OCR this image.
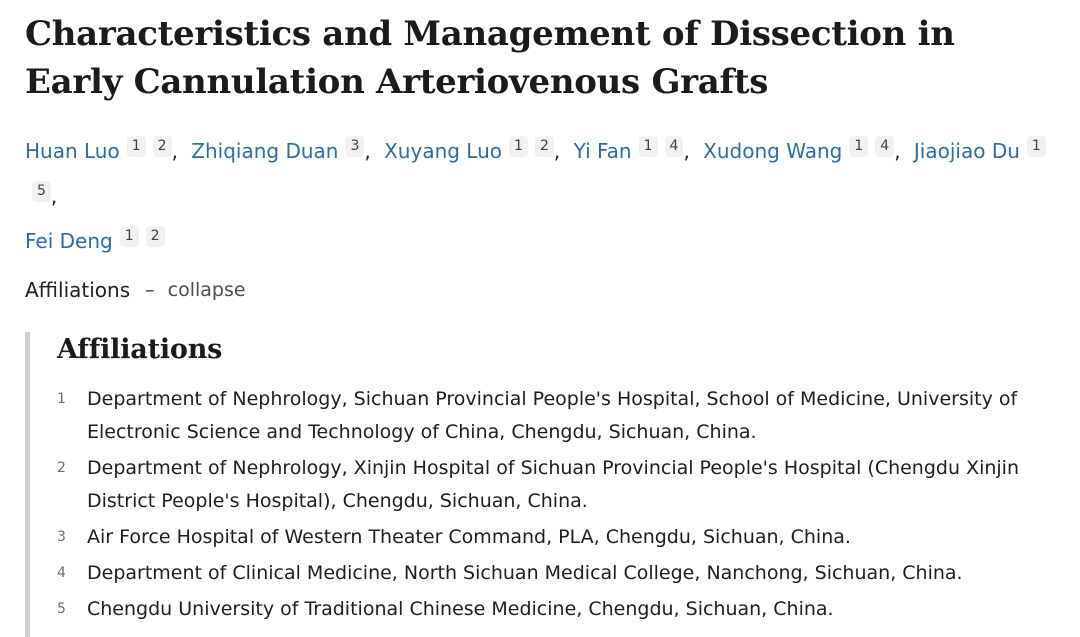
Characteristics and Management of Dissection in
Early Cannulation Arteriovenous Grafts
Huan Luo $^1$ $^2$ , Zhiqiang Duan $^3$ , Xuyang Luo $^1$ $^2$ , Yi Fan $^1$ $^4$ , Xudong Wang $^1$ $^4$ , Jiaojiao Du $^{15}$ ,
Fei Deng $^1$ $^2$
Affiliations – collapse
Affiliations
1	Department of Nephrology, Sichuan Provincial People's Hospital, School of Medicine, University of Electronic Science and Technology of China, Chengdu, Sichuan, China.
2	Department of Nephrology, Xinjin Hospital of Sichuan Provincial People's Hospital (Chengdu Xinjin District People's Hospital), Chengdu, Sichuan, China.
3	Air Force Hospital of Western Theater Command, PLA, Chengdu, Sichuan, China.
4	Department of Clinical Medicine, North Sichuan Medical College, Nanchong, Sichuan, China.
5	Chengdu University of Traditional Chinese Medicine, Chengdu, Sichuan, China.
